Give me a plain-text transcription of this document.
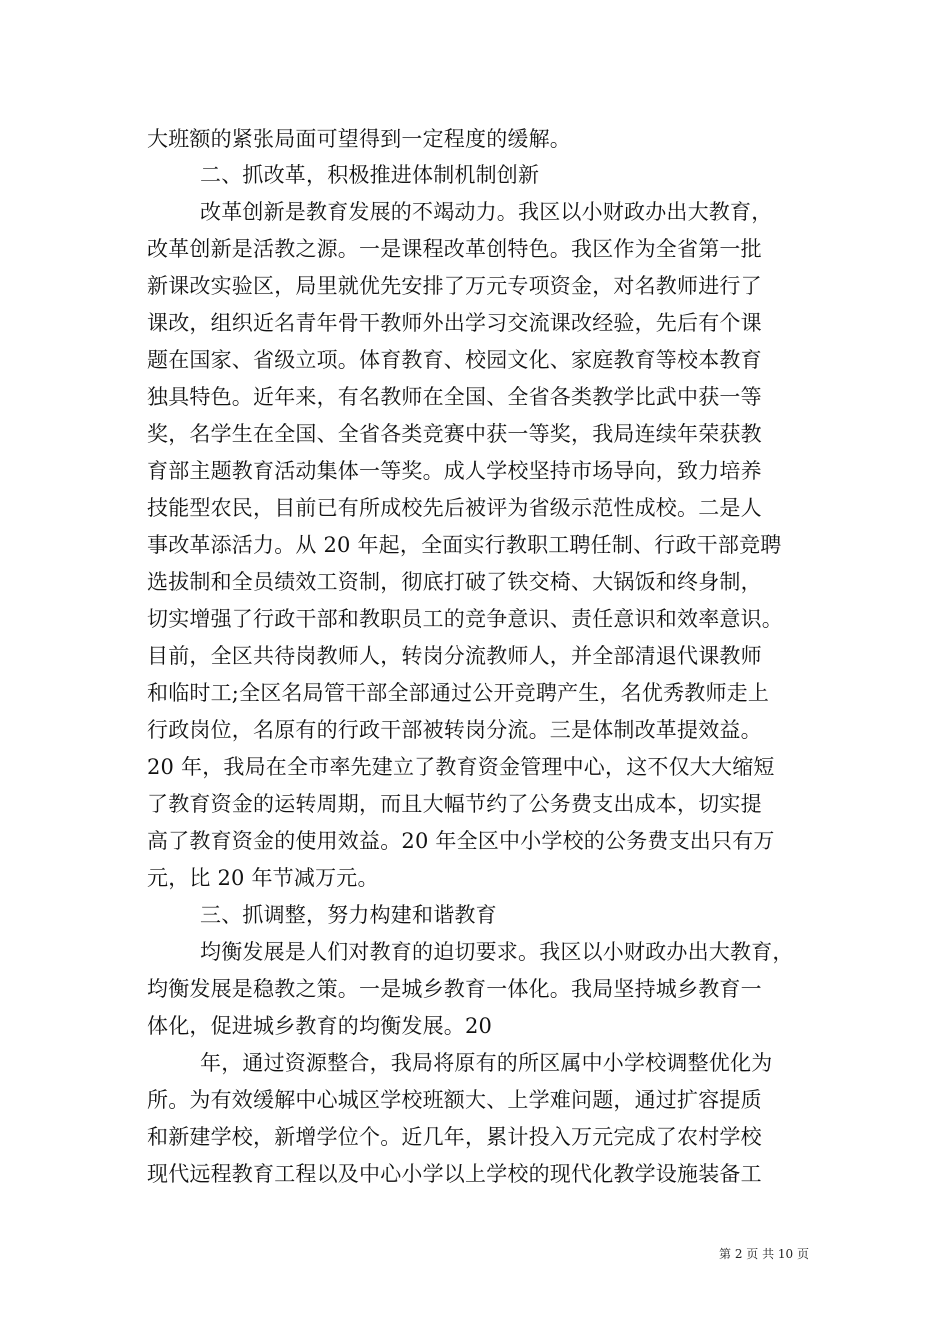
大班额的紧张局面可望得到一定程度的缓解。
二、抓改革，积极推进体制机制创新
改革创新是教育发展的不竭动力。我区以小财政办出大教育，
改革创新是活教之源。一是课程改革创特色。我区作为全省第一批
新课改实验区，局里就优先安排了万元专项资金，对名教师进行了
课改，组织近名青年骨干教师外出学习交流课改经验，先后有个课
题在国家、省级立项。体育教育、校园文化、家庭教育等校本教育
独具特色。近年来，有名教师在全国、全省各类教学比武中获一等
奖，名学生在全国、全省各类竞赛中获一等奖，我局连续年荣获教
育部主题教育活动集体一等奖。成人学校坚持市场导向，致力培养
技能型农民，目前已有所成校先后被评为省级示范性成校。二是人
事改革添活力。从 20 年起，全面实行教职工聘任制、行政干部竞聘
选拔制和全员绩效工资制，彻底打破了铁交椅、大锅饭和终身制，
切实增强了行政干部和教职员工的竞争意识、责任意识和效率意识。
目前，全区共待岗教师人，转岗分流教师人，并全部清退代课教师
和临时工;全区名局管干部全部通过公开竞聘产生，名优秀教师走上
行政岗位，名原有的行政干部被转岗分流。三是体制改革提效益。
20 年，我局在全市率先建立了教育资金管理中心，这不仅大大缩短
了教育资金的运转周期，而且大幅节约了公务费支出成本，切实提
高了教育资金的使用效益。20 年全区中小学校的公务费支出只有万
元，比 20 年节减万元。
三、抓调整，努力构建和谐教育
均衡发展是人们对教育的迫切要求。我区以小财政办出大教育，
均衡发展是稳教之策。一是城乡教育一体化。我局坚持城乡教育一
体化，促进城乡教育的均衡发展。20
年，通过资源整合，我局将原有的所区属中小学校调整优化为
所。为有效缓解中心城区学校班额大、上学难问题，通过扩容提质
和新建学校，新增学位个。近几年，累计投入万元完成了农村学校
现代远程教育工程以及中心小学以上学校的现代化教学设施装备工
第 2 页 共 10 页
